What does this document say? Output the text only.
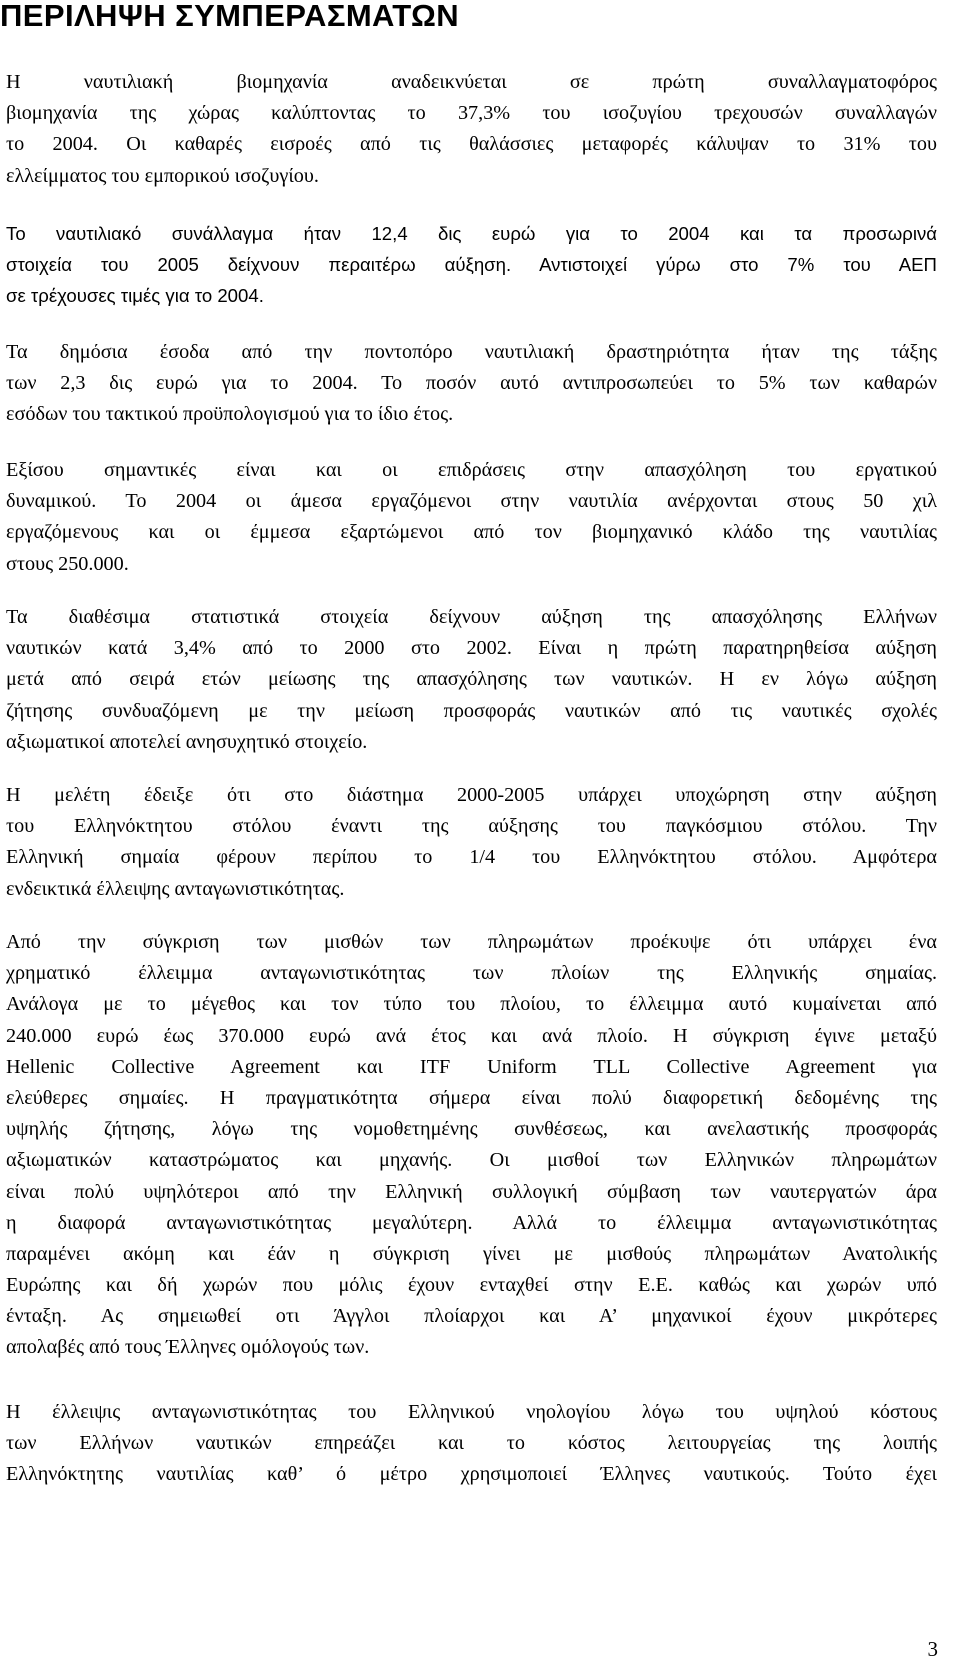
ΠΕΡΙΛΗΨΗ ΣΥΜΠΕΡΑΣΜΑΤΩΝ
Η ναυτιλιακή βιομηχανία αναδεικνύεται σε πρώτη συναλλαγματοφόρος
βιομηχανία της χώρας καλύπτοντας το 37,3% του ισοζυγίου τρεχουσών συναλλαγών
το 2004. Οι καθαρές εισροές από τις θαλάσσιες μεταφορές κάλυψαν το 31% του
ελλείμματος του εμπορικού ισοζυγίου.
Το ναυτιλιακό συνάλλαγμα ήταν 12,4 δις ευρώ για το 2004 και τα προσωρινά
στοιχεία του 2005 δείχνουν περαιτέρω αύξηση. Αντιστοιχεί γύρω στο 7% του ΑΕΠ
σε τρέχουσες τιμές για το 2004.
Τα δημόσια έσοδα από την ποντοπόρο ναυτιλιακή δραστηριότητα ήταν της τάξης
των 2,3 δις ευρώ για το 2004. Το ποσόν αυτό αντιπροσωπεύει το 5% των καθαρών
εσόδων του τακτικού προϋπολογισμού για το ίδιο έτος.
Εξίσου σημαντικές είναι και οι επιδράσεις στην απασχόληση του εργατικού
δυναμικού. Το 2004 οι άμεσα εργαζόμενοι στην ναυτιλία ανέρχονται στους 50 χιλ
εργαζόμενους και οι έμμεσα εξαρτώμενοι από τον βιομηχανικό κλάδο της ναυτιλίας
στους 250.000.
Τα διαθέσιμα στατιστικά στοιχεία δείχνουν αύξηση της απασχόλησης Ελλήνων
ναυτικών κατά 3,4% από το 2000 στο 2002. Είναι η πρώτη παρατηρηθείσα αύξηση
μετά από σειρά ετών μείωσης της απασχόλησης των ναυτικών. Η εν λόγω αύξηση
ζήτησης συνδυαζόμενη με την μείωση προσφοράς ναυτικών από τις ναυτικές σχολές
αξιωματικοί αποτελεί ανησυχητικό στοιχείο.
Η μελέτη έδειξε ότι στο διάστημα 2000-2005 υπάρχει υποχώρηση στην αύξηση
του Ελληνόκτητου στόλου έναντι της αύξησης του παγκόσμιου στόλου. Την
Ελληνική σημαία φέρουν περίπου το 1/4 του Ελληνόκτητου στόλου. Αμφότερα
ενδεικτικά έλλειψης ανταγωνιστικότητας.
Από την σύγκριση των μισθών των πληρωμάτων προέκυψε ότι υπάρχει ένα
χρηματικό έλλειμμα ανταγωνιστικότητας των πλοίων της Ελληνικής σημαίας.
Ανάλογα με το μέγεθος και τον τύπο του πλοίου, το έλλειμμα αυτό κυμαίνεται από
240.000 ευρώ έως 370.000 ευρώ ανά έτος και ανά πλοίο. Η σύγκριση έγινε μεταξύ
Hellenic Collective Agreement και ITF Uniform TLL Collective Agreement για
ελεύθερες σημαίες. Η πραγματικότητα σήμερα είναι πολύ διαφορετική δεδομένης της
υψηλής ζήτησης, λόγω της νομοθετημένης συνθέσεως, και ανελαστικής προσφοράς
αξιωματικών καταστρώματος και μηχανής. Οι μισθοί των Ελληνικών πληρωμάτων
είναι πολύ υψηλότεροι από την Ελληνική συλλογική σύμβαση των ναυτεργατών άρα
η διαφορά ανταγωνιστικότητας μεγαλύτερη. Αλλά το έλλειμμα ανταγωνιστικότητας
παραμένει ακόμη και έάν η σύγκριση γίνει με μισθούς πληρωμάτων Ανατολικής
Ευρώπης και δή χωρών που μόλις έχουν ενταχθεί στην Ε.Ε. καθώς και χωρών υπό
ένταξη. Ας σημειωθεί οτι Άγγλοι πλοίαρχοι και Α’ μηχανικοί έχουν μικρότερες
απολαβές από τους Έλληνες ομόλογούς των.
Η έλλειψις ανταγωνιστικότητας του Ελληνικού νηολογίου λόγω του υψηλού κόστους
των Ελλήνων ναυτικών επηρεάζει και το κόστος λειτουργείας της λοιπής
Ελληνόκτητης ναυτιλίας καθ’ ό μέτρο χρησιμοποιεί Έλληνες ναυτικούς. Τούτο έχει
3
